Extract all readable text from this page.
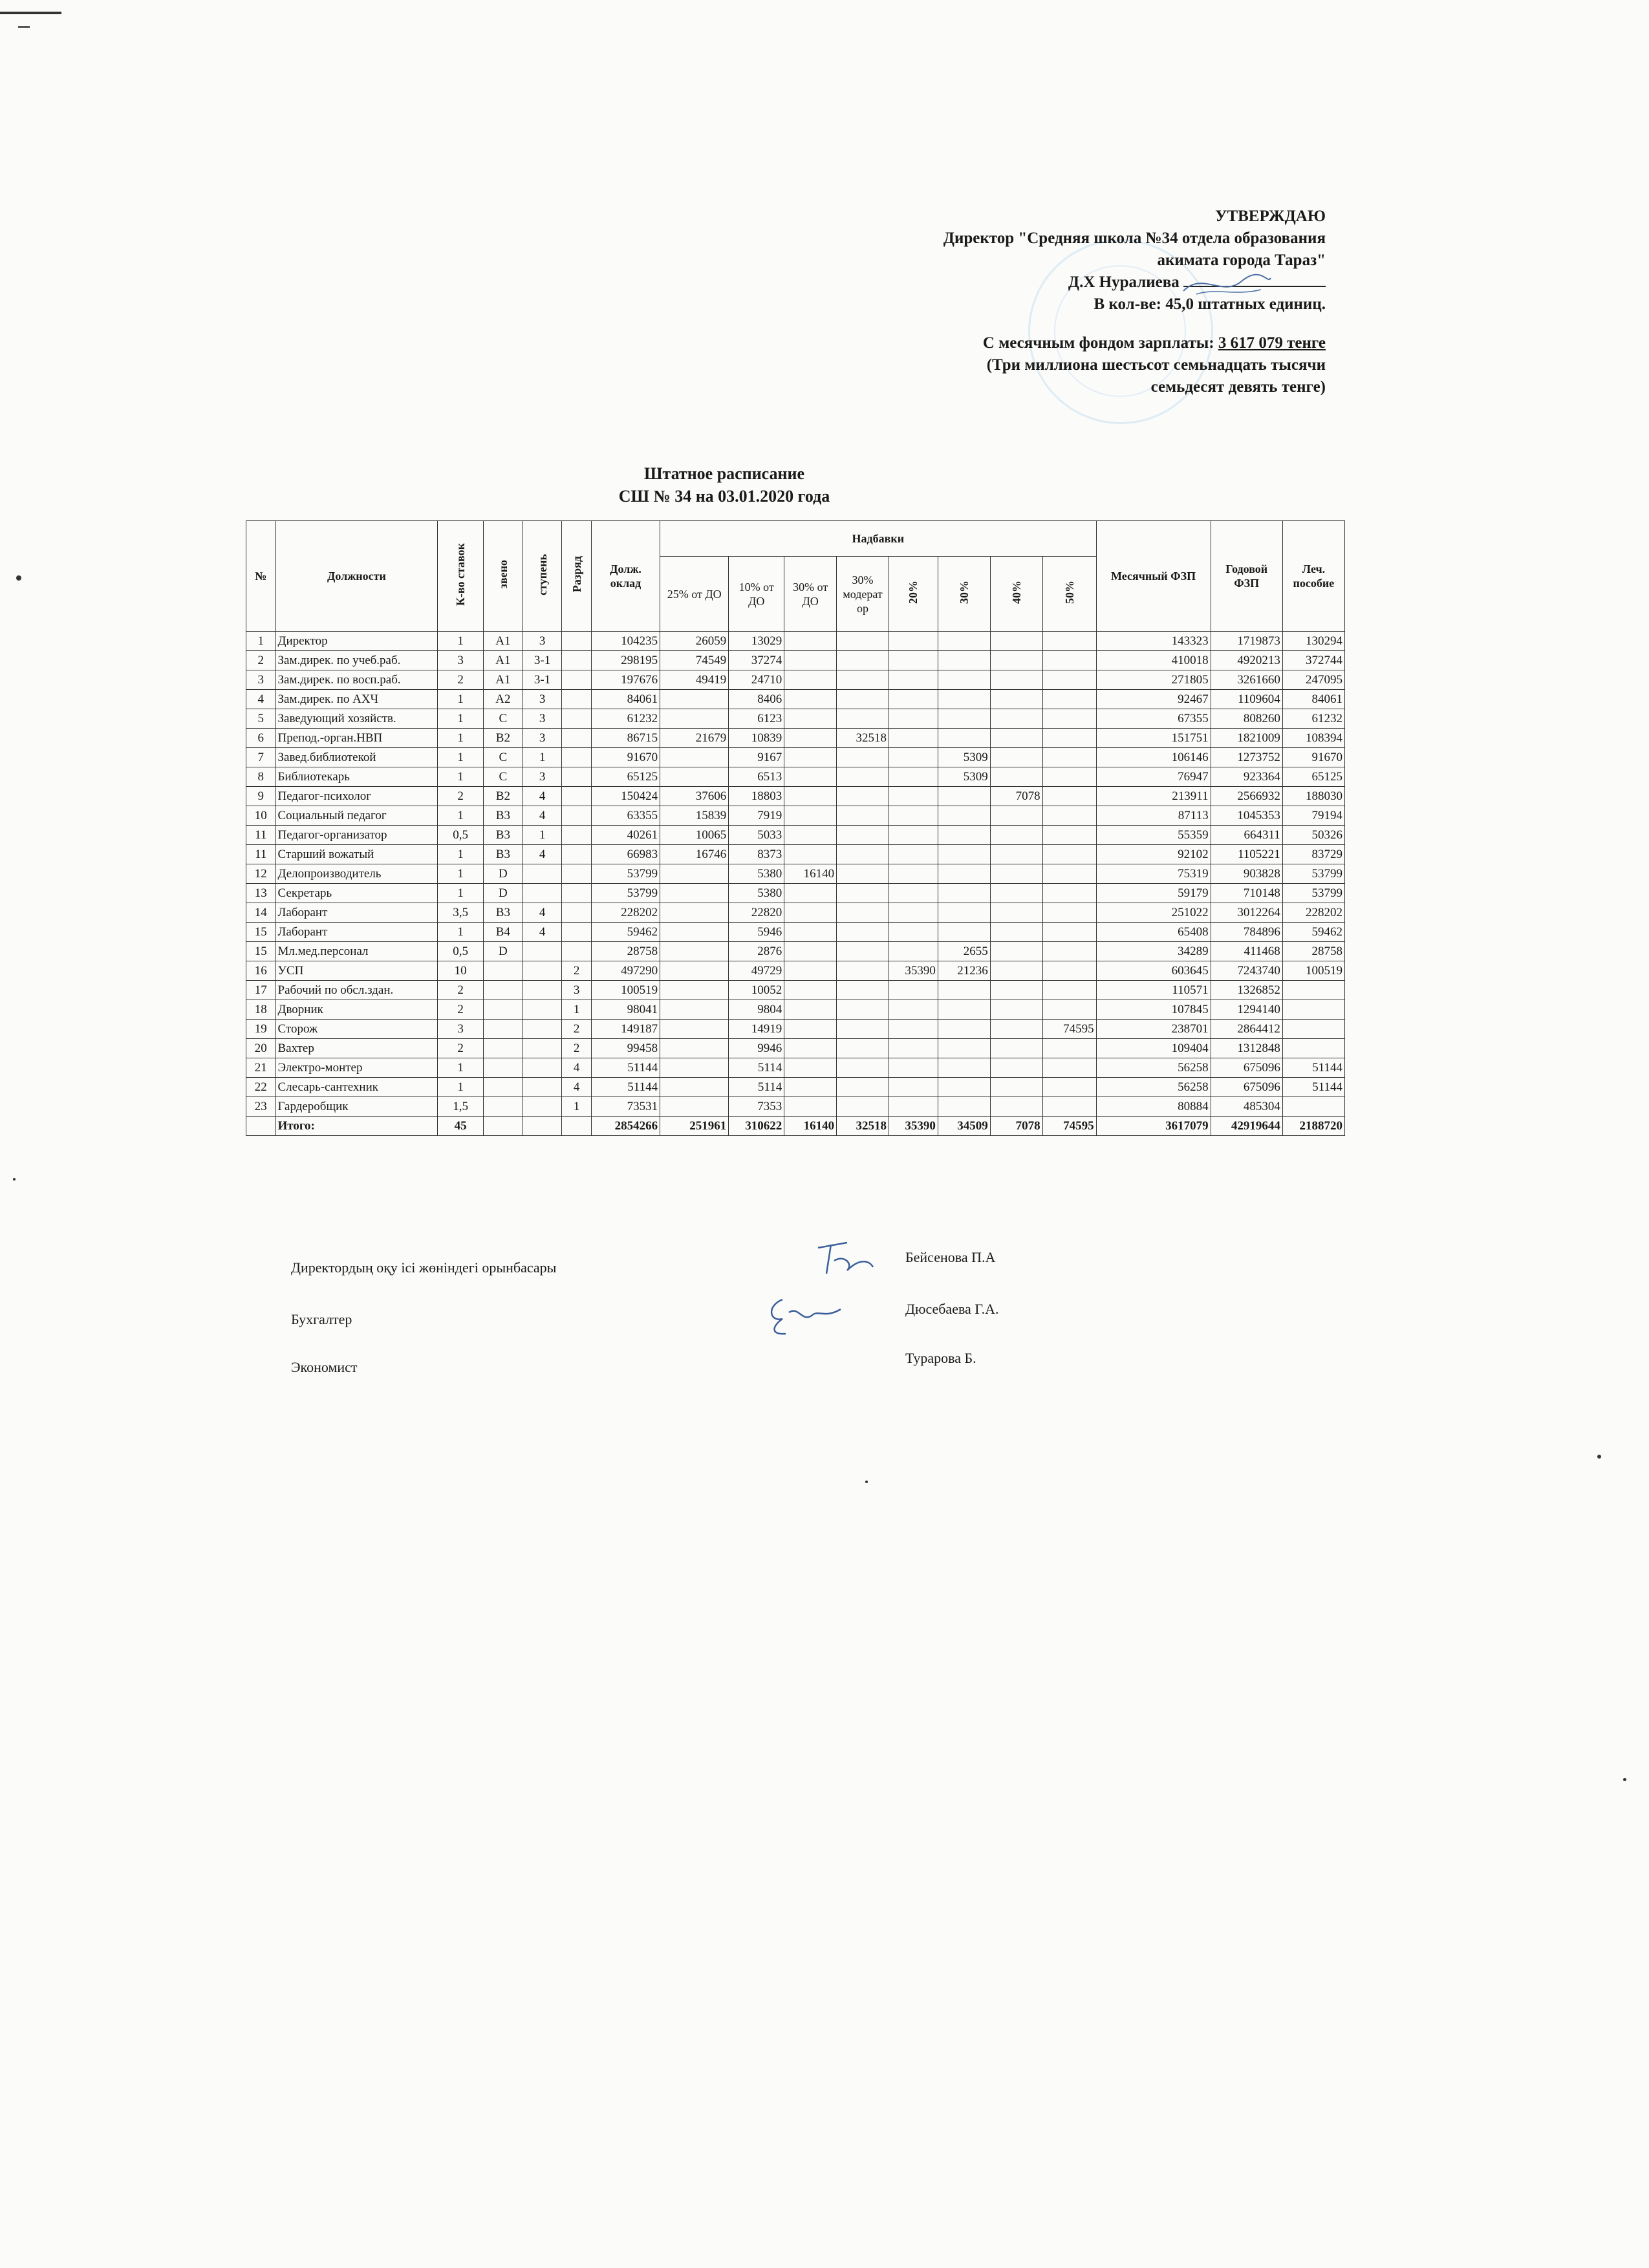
УТВЕРЖДАЮ
Директор "Средняя школа №34 отдела образования
акимата города Тараз"
Д.Х Нуралиева
В кол-ве: 45,0 штатных единиц.
С месячным фондом зарплаты: 3 617 079 тенге
(Три миллиона шестьсот семьнадцать тысячи
семьдесят девять тенге)
Штатное расписание
СШ № 34 на 03.01.2020 года
№	Должности	К-во ставок	звено	ступень	Разряд	Долж. оклад	Надбавки								Месячный ФЗП	Годовой ФЗП	Леч. пособие
							25% от ДО	10% от ДО	30% от ДО	30% модерат ор	20%	30%	40%	50%			
1	Директор	1	А1	3		104235	26059	13029							143323	1719873	130294
2	Зам.дирек. по учеб.раб.	3	А1	3-1		298195	74549	37274							410018	4920213	372744
3	Зам.дирек. по восп.раб.	2	А1	3-1		197676	49419	24710							271805	3261660	247095
4	Зам.дирек. по АХЧ	1	А2	3		84061		8406							92467	1109604	84061
5	Заведующий хозяйств.	1	С	3		61232		6123							67355	808260	61232
6	Препод.-орган.НВП	1	В2	3		86715	21679	10839		32518					151751	1821009	108394
7	Завед.библиотекой	1	С	1		91670		9167				5309			106146	1273752	91670
8	Библиотекарь	1	С	3		65125		6513				5309			76947	923364	65125
9	Педагог-психолог	2	В2	4		150424	37606	18803					7078		213911	2566932	188030
10	Социальный педагог	1	В3	4		63355	15839	7919							87113	1045353	79194
11	Педагог-организатор	0,5	В3	1		40261	10065	5033							55359	664311	50326
11	Старший вожатый	1	В3	4		66983	16746	8373							92102	1105221	83729
12	Делопроизводитель	1	D			53799		5380	16140						75319	903828	53799
13	Секретарь	1	D			53799		5380							59179	710148	53799
14	Лаборант	3,5	В3	4		228202		22820							251022	3012264	228202
15	Лаборант	1	В4	4		59462		5946							65408	784896	59462
15	Мл.мед.персонал	0,5	D			28758		2876				2655			34289	411468	28758
16	УСП	10			2	497290		49729			35390	21236			603645	7243740	100519
17	Рабочий по обсл.здан.	2			3	100519		10052							110571	1326852	
18	Дворник	2			1	98041		9804							107845	1294140	
19	Сторож	3			2	149187		14919						74595	238701	2864412	
20	Вахтер	2			2	99458		9946							109404	1312848	
21	Электро-монтер	1			4	51144		5114							56258	675096	51144
22	Слесарь-сантехник	1			4	51144		5114							56258	675096	51144
23	Гардеробщик	1,5			1	73531		7353							80884	485304	
	Итого:	45				2854266	251961	310622	16140	32518	35390	34509	7078	74595	3617079	42919644	2188720
Директордың оқу ісі жөніндегі орынбасары
Бухгалтер
Экономист
Бейсенова П.А
Дюсебаева Г.А.
Турарова Б.
